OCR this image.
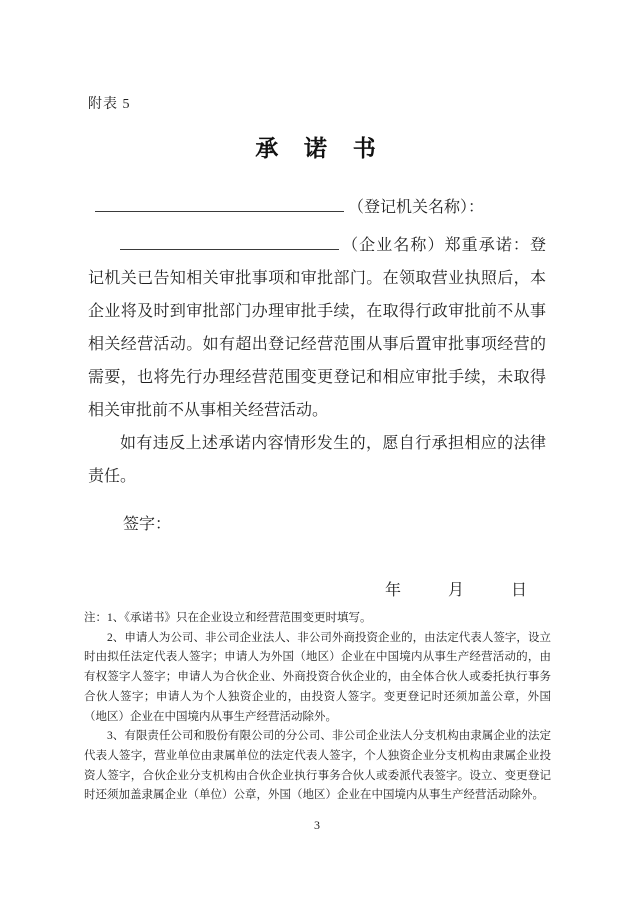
附表 5
承 诺 书
（登记机关名称）：

（企业名称）郑重承诺：登记机关已告知相关审批事项和审批部门。在领取营业执照后，本企业将及时到审批部门办理审批手续，在取得行政审批前不从事相关经营活动。如有超出登记经营范围从事后置审批事项经营的需要，也将先行办理经营范围变更登记和相应审批手续，未取得相关审批前不从事相关经营活动。

如有违反上述承诺内容情形发生的，愿自行承担相应的法律责任。

签字：
年	月	日

注：1、《承诺书》只在企业设立和经营范围变更时填写。

2、申请人为公司、非公司企业法人、非公司外商投资企业的，由法定代表人签字，设立时由拟任法定代表人签字；申请人为外国（地区）企业在中国境内从事生产经营活动的，由有权签字人签字；申请人为合伙企业、外商投资合伙企业的，由全体合伙人或委托执行事务合伙人签字；申请人为个人独资企业的，由投资人签字。变更登记时还须加盖公章，外国（地区）企业在中国境内从事生产经营活动除外。

3、有限责任公司和股份有限公司的分公司、非公司企业法人分支机构由隶属企业的法定代表人签字，营业单位由隶属单位的法定代表人签字，个人独资企业分支机构由隶属企业投资人签字，合伙企业分支机构由合伙企业执行事务合伙人或委派代表签字。设立、变更登记时还须加盖隶属企业（单位）公章，外国（地区）企业在中国境内从事生产经营活动除外。

3
